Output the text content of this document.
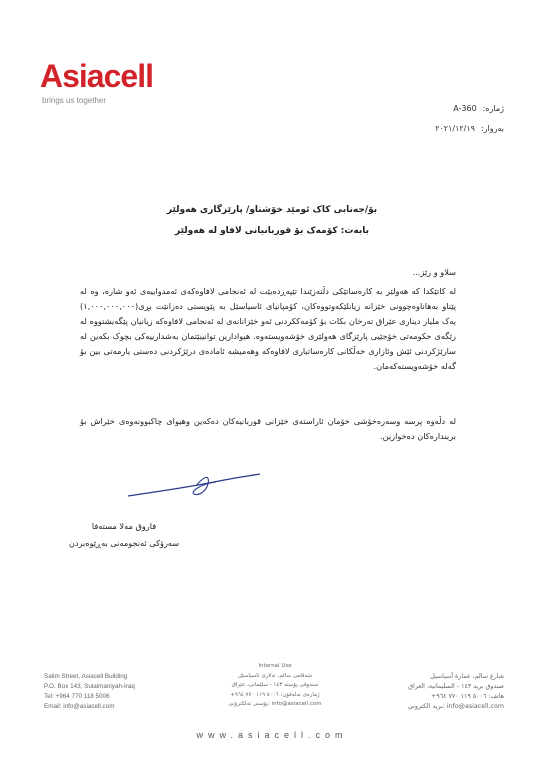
Asiacell
brings us together
ژمارە:A-360
بەروار:٢٠٢١/١٢/١٩
بۆ/جەنابی کاک ئومێد خۆشناو/ پارێزگاری هەولێر
بابەت: کۆمەک بۆ قوربانیانی لافاو لە هەولێر
سلاو و رێز...
لە کاتێکدا کە هەولێر بە کارەساتێکی دڵتەزێندا تێپەڕدەبێت لە ئەنجامی لافاوەکەی ئەمدواییەی ئەو شارە، وە لە پێناو بەهاناوەچوونی خێزانە زیانلێکەوتووەکان، کۆمپانیای ئاسیاسێل بە پێویستی دەزانێت بڕی(١,٠٠٠,٠٠٠,٠٠٠) یەک ملیار دیناری عێراق تەرخان بکات بۆ کۆمەککردنی ئەو خێزانانەی لە ئەنجامی لافاوەکە زیانیان پێگەیشتووە لە رێگەی حکومەتی خۆجێیی پارێزگای هەولێری خۆشەویستەوە. هیوادارین توانیبێتمان بەشدارییەکی بچوک بکەین لە سارێژکردنی ئێش وئازاری خەڵکانی کارەساتباری لافاوەکە وهەمیشە ئامادەی درێژکردنی دەستی یارمەتی بین بۆ گەلە خۆشەویستەکەمان.
لە دڵەوە پرسە وسەرەخۆشی خۆمان ئاراستەی خێزانی قوربانیەکان دەکەین وهیوای چاکبوونەوەی خێراش بۆ بریندارەکان دەخوازین.
فاروق مەلا مستەفا
سەرۆکی ئەنجومەنی بەڕێوەبردن
Salim Street, Asiacell Building
P.O. Box 143, Sulaimaniyah-Iraq
Tel: +964 770 118 5006
Email: info@asiacell.com
Internal Use
شەقامی سالم، تەلاری ئاسیاسێل
سندوقی پۆستە ١٤٣ - سلێمانی، عێراق
ژمارەی تەلەفۆن: ٥٠٠٦ ١١٩ ٧٧٠ ٩٦٤+
info@asiacell.com :پۆستی ئەلکترۆنی
شارع سالم، عمارة آسياسيل
صندوق بريد ١٤٣ - السليمانية، العراق
هاتف: ٥٠٠٦ ١١٩ ٧٧٠ ٩٦٤+
info@asiacell.com :بريد الكتروني
www.asiacell.com
